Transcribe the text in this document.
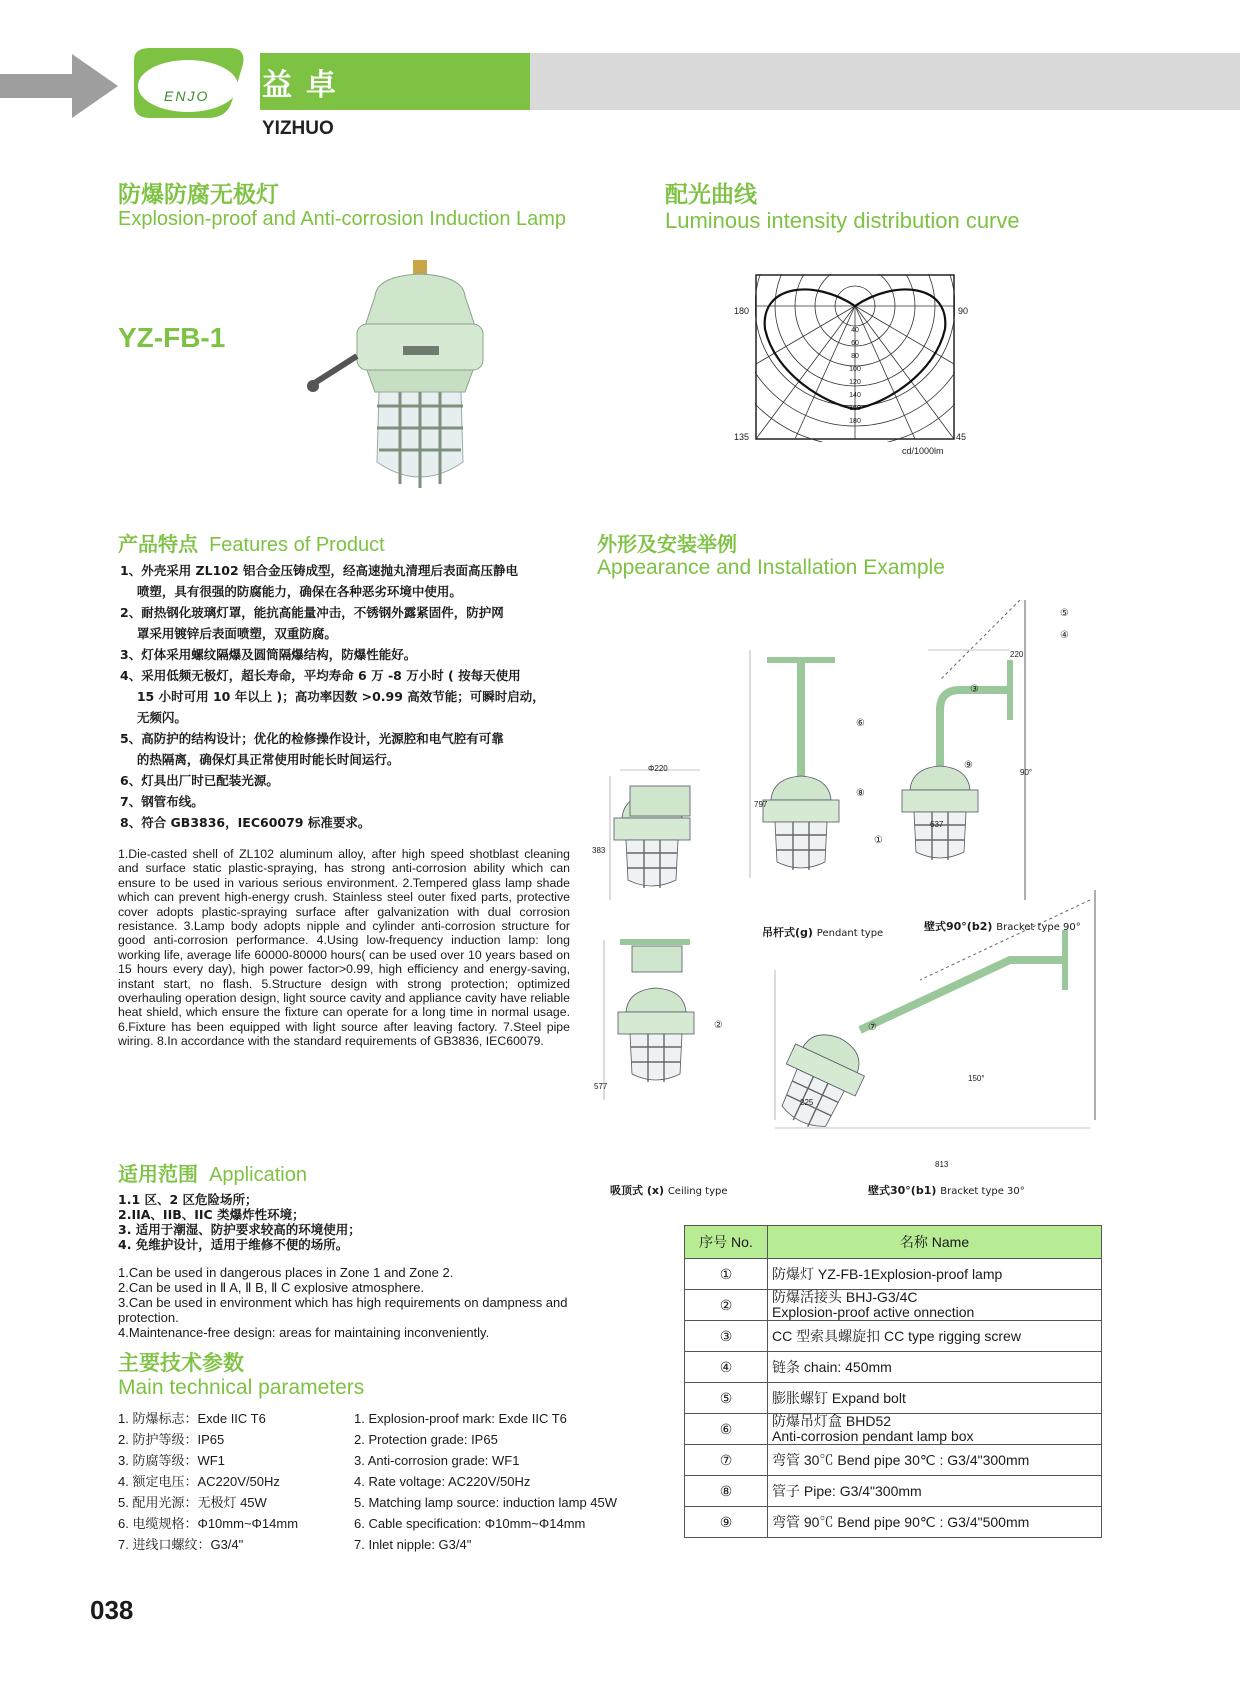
ENJO 益卓
YIZHUO
防爆防腐无极灯
Explosion-proof and Anti-corrosion Induction Lamp
YZ-FB-1
配光曲线
Luminous intensity distribution curve
40
60
80
100
120
140
160
180
180	90
135	45
cd/1000lm
产品特点 Features of Product
1、外壳采用 ZL102 铝合金压铸成型，经高速抛丸清理后表面高压静电
　 喷塑，具有很强的防腐能力，确保在各种恶劣环境中使用。
2、耐热钢化玻璃灯罩，能抗高能量冲击，不锈钢外露紧固件，防护网
　 罩采用镀锌后表面喷塑，双重防腐。
3、灯体采用螺纹隔爆及圆筒隔爆结构，防爆性能好。
4、采用低频无极灯，超长寿命，平均寿命 6 万 -8 万小时 ( 按每天使用
　 15 小时可用 10 年以上 )；高功率因数 >0.99 高效节能；可瞬时启动，
　 无频闪。
5、高防护的结构设计；优化的检修操作设计，光源腔和电气腔有可靠
　 的热隔离，确保灯具正常使用时能长时间运行。
6、灯具出厂时已配装光源。
7、钢管布线。
8、符合 GB3836，IEC60079 标准要求。
1.Die-casted shell of ZL102 aluminum alloy, after high speed shotblast cleaning and surface static plastic-spraying, has strong anti-corrosion ability which can ensure to be used in various serious environment. 2.Tempered glass lamp shade which can prevent high-energy crush. Stainless steel outer fixed parts, protective cover adopts plastic-spraying surface after galvanization with dual corrosion resistance. 3.Lamp body adopts nipple and cylinder anti-corrosion structure for good anti-corrosion performance. 4.Using low-frequency induction lamp: long working life, average life 60000-80000 hours( can be used over 10 years based on 15 hours every day), high power factor>0.99, high efficiency and energy-saving, instant start, no flash. 5.Structure design with strong protection; optimized overhauling operation design, light source cavity and appliance cavity have reliable heat shield, which ensure the fixture can operate for a long time in normal usage. 6.Fixture has been equipped with light source after leaving factory. 7.Steel pipe wiring. 8.In accordance with the standard requirements of GB3836, IEC60079.
外形及安装举例
Appearance and Installation Example
Φ220
383
797
220
637
90°
577
225
150°
813
⑥
⑧
①
⑤
④
③
⑨
②	⑦
吊杆式(g) Pendant type
壁式90°(b2) Bracket type 90°
吸顶式 (x) Ceiling type	壁式30°(b1) Bracket type 30°
适用范围 Application
1.1 区、2 区危险场所；
2.IIA、IIB、IIC 类爆炸性环境；
3. 适用于潮湿、防护要求较高的环境使用；
4. 免维护设计，适用于维修不便的场所。
1.Can be used in dangerous places in Zone 1 and Zone 2.
2.Can be used in Ⅱ A, Ⅱ B, Ⅱ C explosive atmosphere.
3.Can be used in environment which has high requirements on dampness and protection.
4.Maintenance-free design: areas for maintaining inconveniently.
主要技术参数
Main technical parameters
1. 防爆标志：Exde IIC T6
2. 防护等级：IP65
3. 防腐等级：WF1
4. 额定电压：AC220V/50Hz
5. 配用光源：无极灯 45W
6. 电缆规格：Φ10mm~Φ14mm
7. 进线口螺纹：G3/4"
1. Explosion-proof mark: Exde IIC T6
2. Protection grade: IP65
3. Anti-corrosion grade: WF1
4. Rate voltage: AC220V/50Hz
5. Matching lamp source: induction lamp 45W
6. Cable specification: Φ10mm~Φ14mm
7. Inlet nipple: G3/4"
序号 No.	名称 Name
①	防爆灯 YZ-FB-1Explosion-proof lamp
②	防爆活接头 BHJ-G3/4C
Explosion-proof active onnection
③	CC 型索具螺旋扣 CC type rigging screw
④	链条 chain: 450mm
⑤	膨胀螺钉 Expand bolt
⑥	防爆吊灯盒 BHD52
Anti-corrosion pendant lamp box
⑦	弯管 30℃ Bend pipe 30℃ : G3/4"300mm
⑧	管子 Pipe: G3/4"300mm
⑨	弯管 90℃ Bend pipe 90℃ : G3/4"500mm
038
